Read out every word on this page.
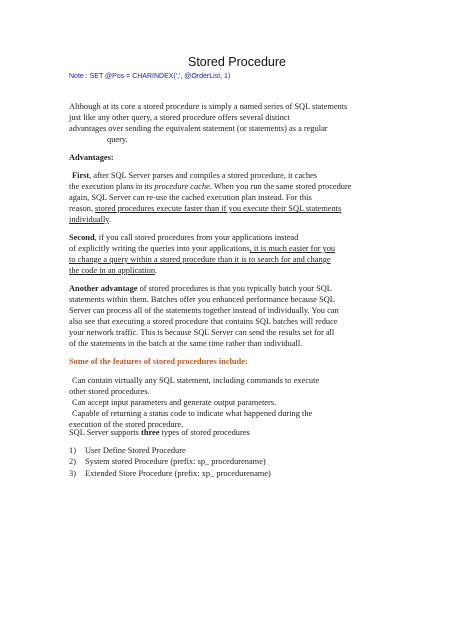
Stored Procedure
Note : SET @Pos = CHARINDEX(',', @OrderList, 1)
Although at its core a stored procedure is simply a named series of SQL statements
just like any other query, a stored procedure offers several distinct
advantages over sending the equivalent statement (or statements) as a regular
query.
Advantages:
First, after SQL Server parses and compiles a stored procedure, it caches
the execution plans in its procedure cache. When you run the same stored procedure
again, SQL Server can re-use the cached execution plan instead. For this
reason, stored procedures execute faster than if you execute their SQL statements
individually.
Second, if you call stored procedures from your applications instead
of explicitly writing the queries into your applications, it is much easier for you
to change a query within a stored procedure than it is to search for and change
the code in an application.
Another advantage of stored procedures is that you typically batch your SQL
statements within them. Batches offer you enhanced performance because SQL
Server can process all of the statements together instead of individually. You can
also see that executing a stored procedure that contains SQL batches will reduce
your network traffic. This is because SQL Server can send the results set for all
of the statements in the batch at the same time rather than individuall.
Some of the features of stored procedures include:
Can contain virtually any SQL statement, including commands to execute
other stored procedures.
Can accept input parameters and generate output parameters.
Capable of returning a status code to indicate what happened during the
execution of the stored procedure.
SQL Server supports three types of stored procedures
1) User Define Stored Procedure
2) System stored Procedure (prefix: sp_ procedurename)
3) Extended Store Procedure (prefix: xp_ procedurename)
